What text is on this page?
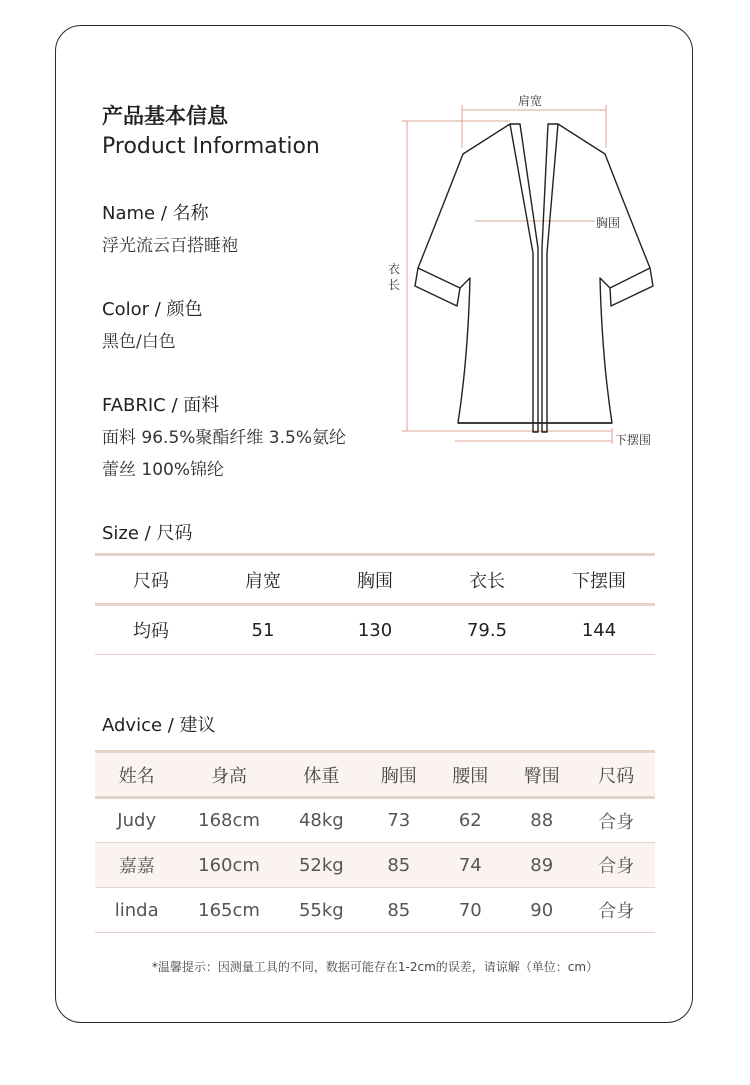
产品基本信息
Product Information
Name / 名称
浮光流云百搭睡袍
Color / 颜色
黑色/白色
FABRIC / 面料
面料 96.5%聚酯纤维 3.5%氨纶
蕾丝 100%锦纶
肩宽
胸围
衣
长
下摆围
Size / 尺码
尺码	肩宽	胸围	衣长	下摆围
均码	51	130	79.5	144
Advice / 建议
姓名	身高	体重	胸围	腰围	臀围	尺码
Judy	168cm	48kg	73	62	88	合身
嘉嘉	160cm	52kg	85	74	89	合身
linda	165cm	55kg	85	70	90	合身
*温馨提示：因测量工具的不同，数据可能存在1-2cm的误差，请谅解（单位：cm）
